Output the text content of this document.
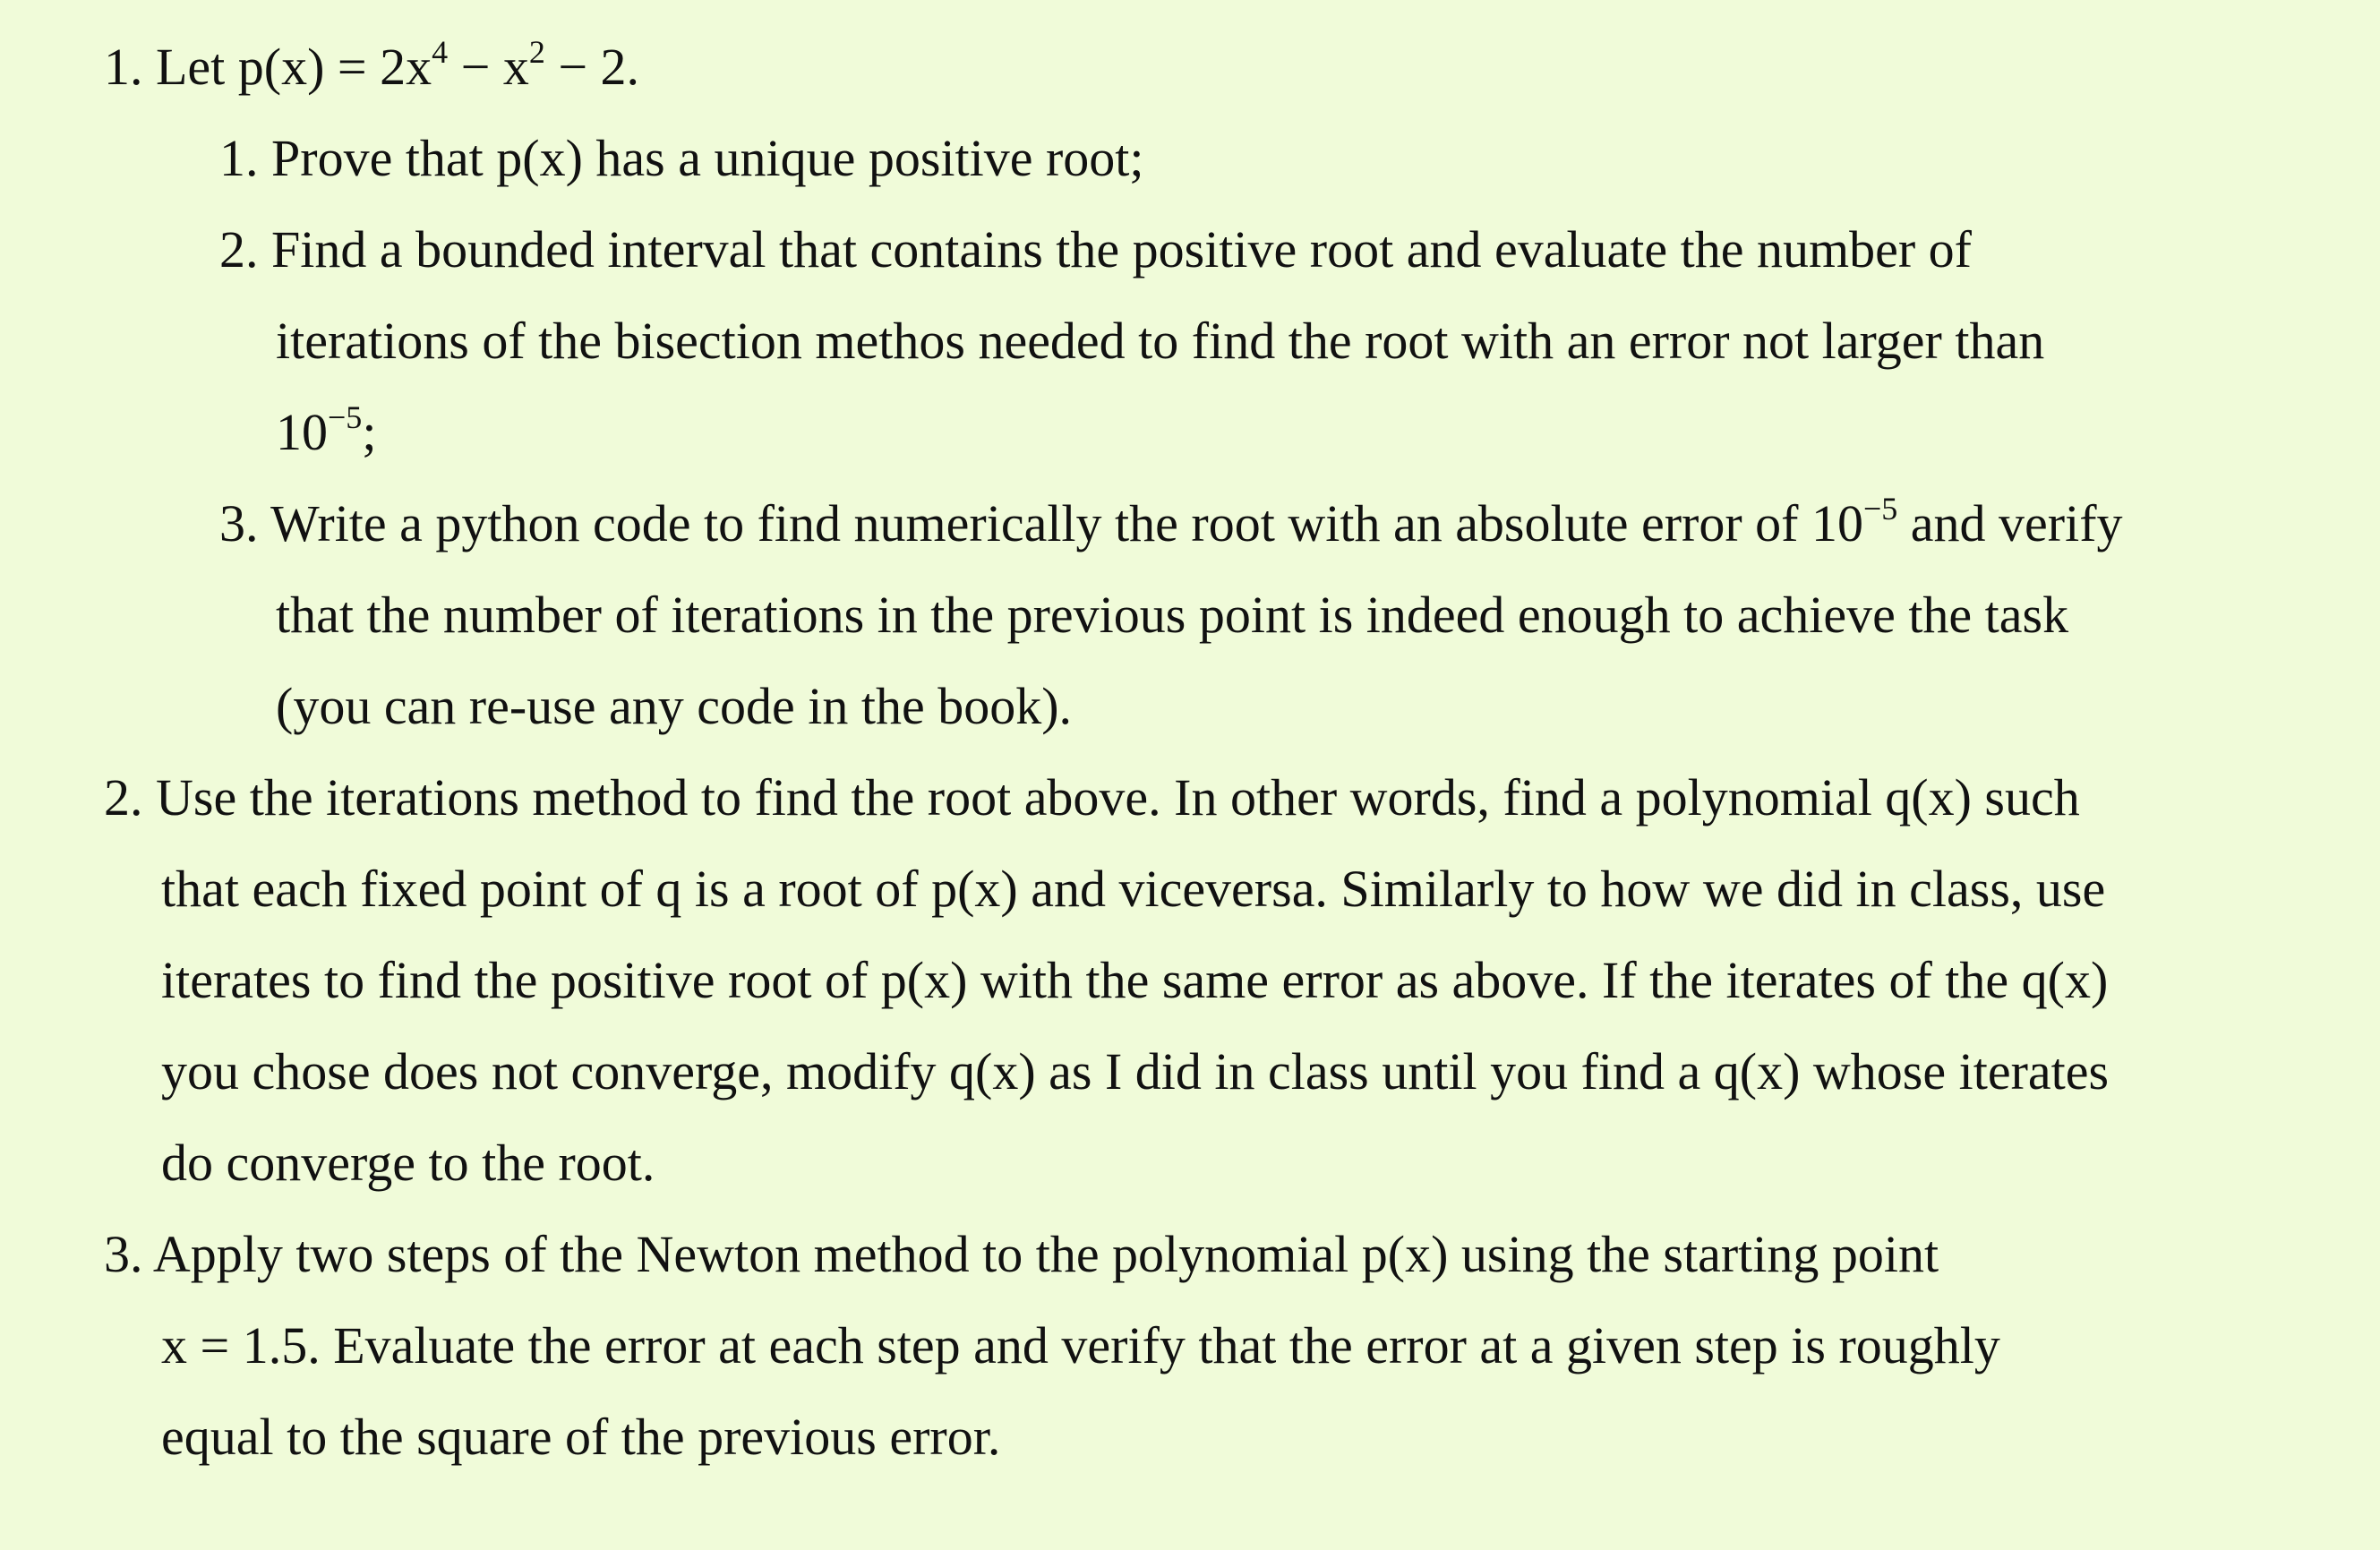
1. Let $p(x) = 2x^4 - x^2 - 2$.
1. Prove that p(x) has a unique positive root;
2. Find a bounded interval that contains the positive root and evaluate the number of
iterations of the bisection methos needed to find the root with an error not larger than
$10^{-5}$;
3. Write a python code to find numerically the root with an absolute error of $10^{-5}$ and verify
that the number of iterations in the previous point is indeed enough to achieve the task
(you can re-use any code in the book).
2. Use the iterations method to find the root above. In other words, find a polynomial q(x) such
that each fixed point of q is a root of p(x) and viceversa. Similarly to how we did in class, use
iterates to find the positive root of p(x) with the same error as above. If the iterates of the q(x)
you chose does not converge, modify q(x) as I did in class until you find a q(x) whose iterates
do converge to the root.
3. Apply two steps of the Newton method to the polynomial p(x) using the starting point
x = 1.5. Evaluate the error at each step and verify that the error at a given step is roughly
equal to the square of the previous error.
